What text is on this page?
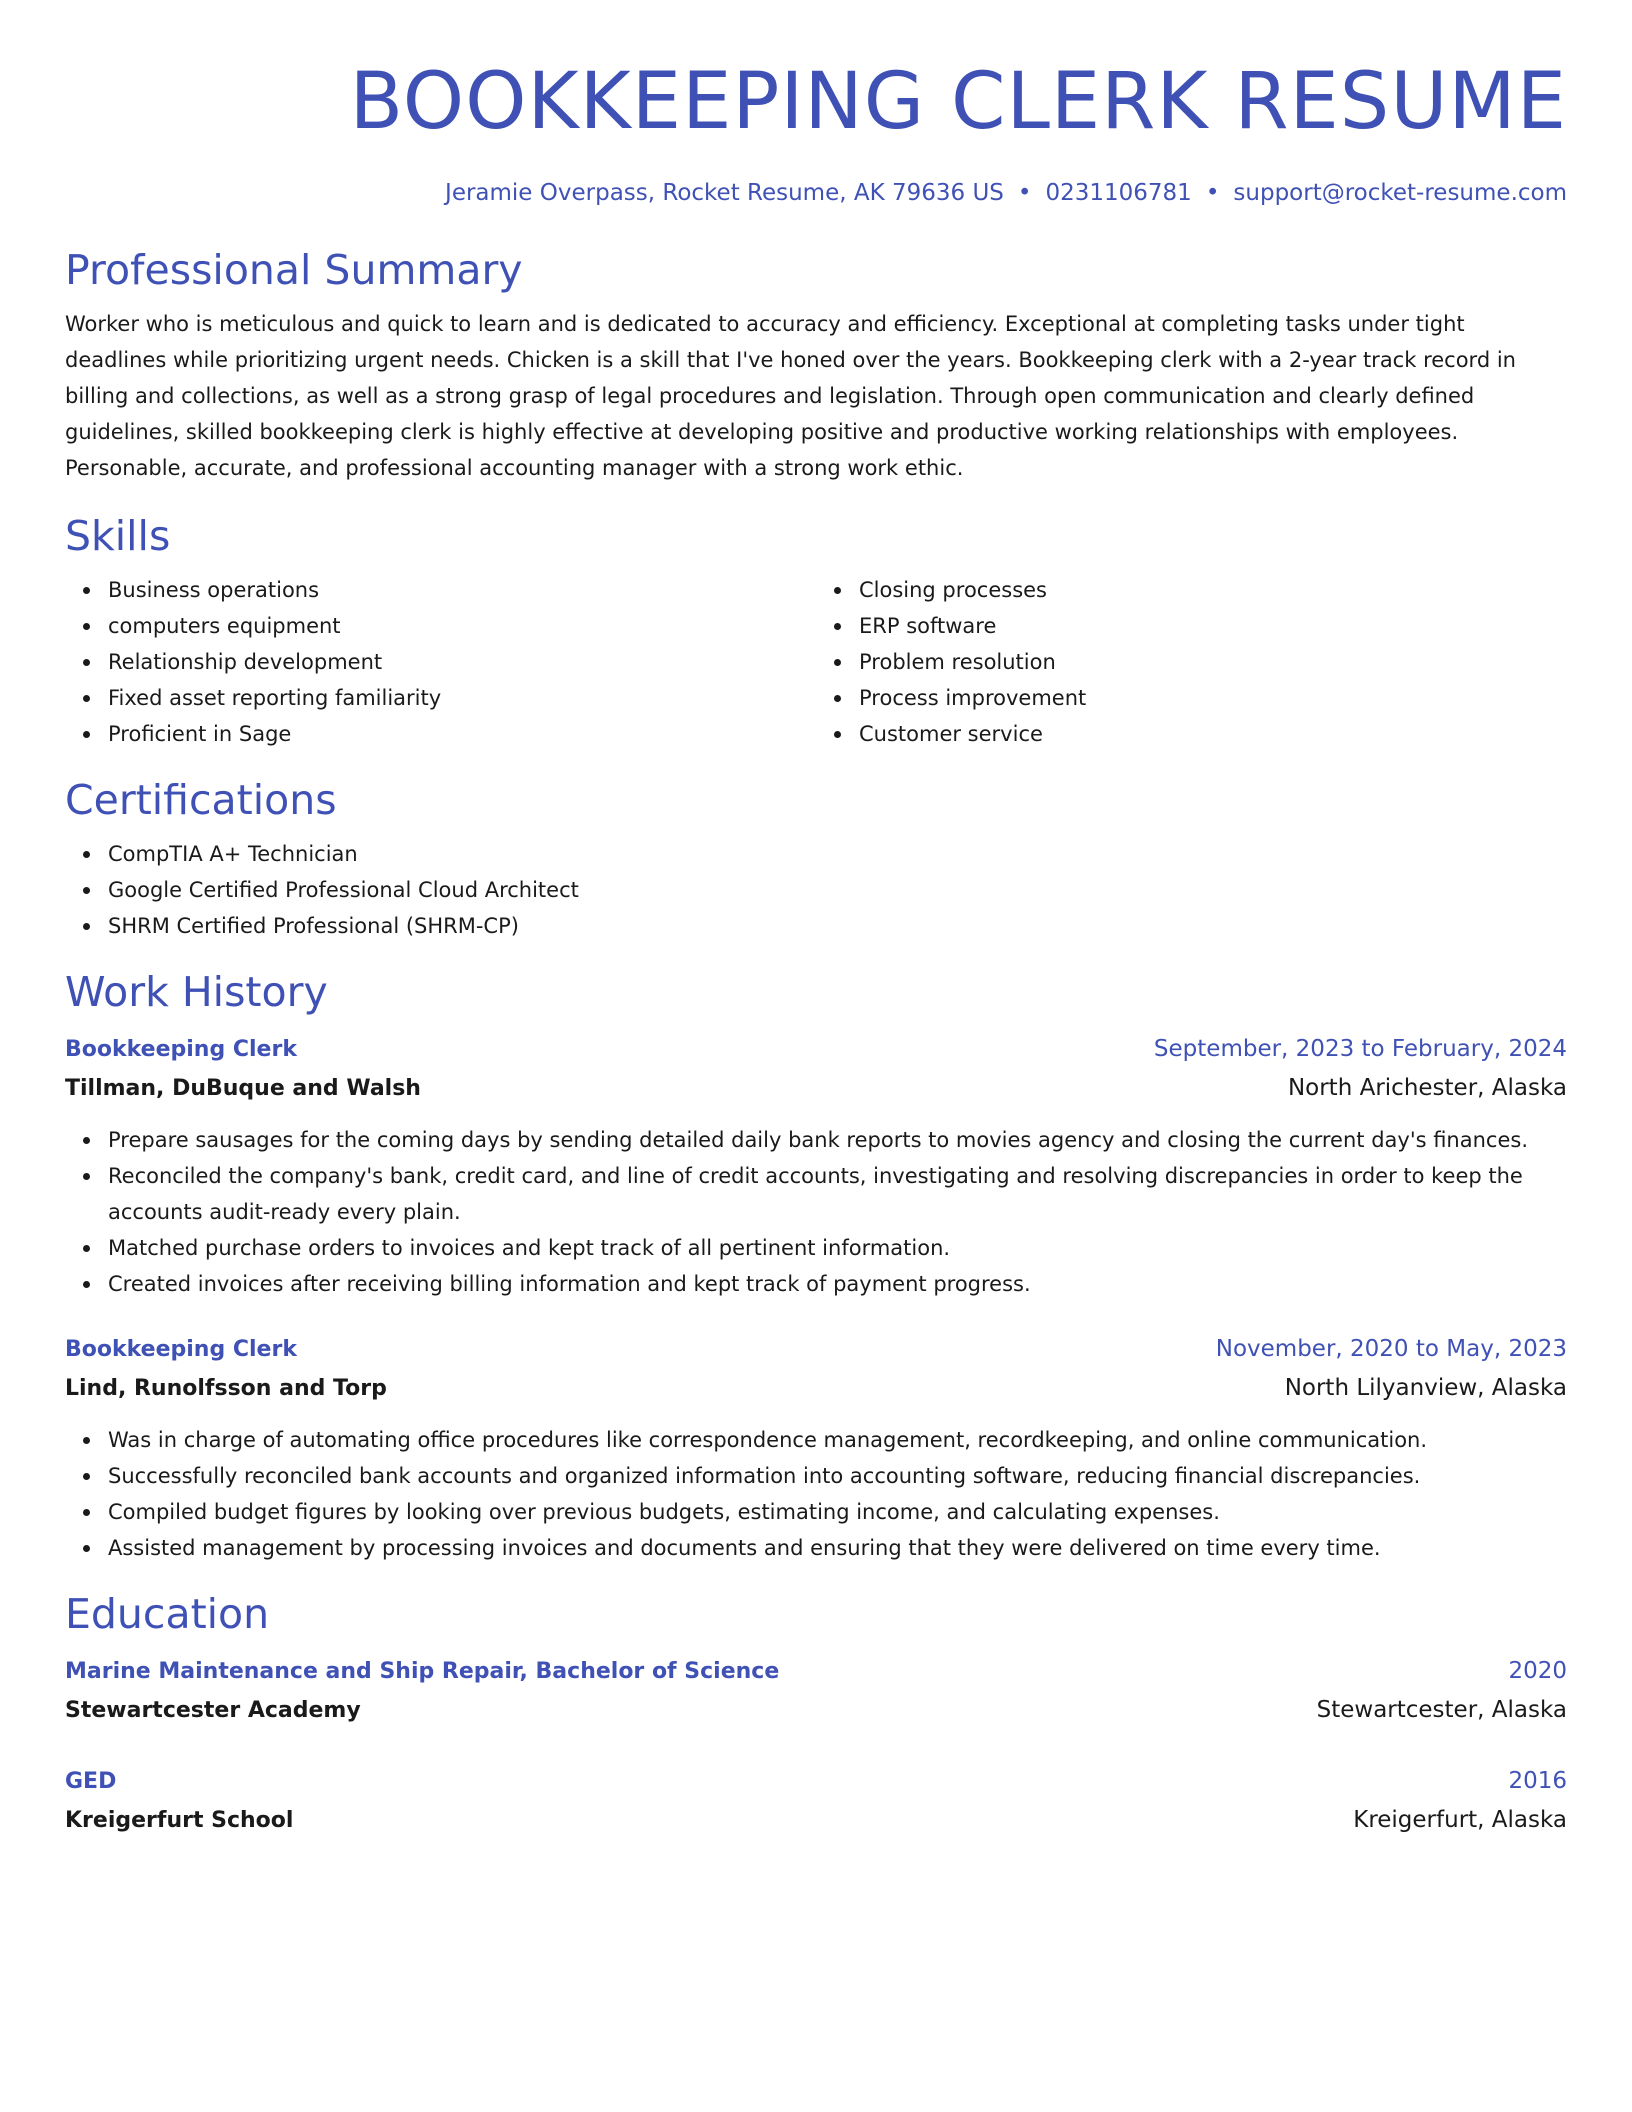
BOOKKEEPING CLERK RESUME
Jeramie Overpass, Rocket Resume, AK 79636 US • 0231106781 • support@rocket-resume.com
Professional Summary

Worker who is meticulous and quick to learn and is dedicated to accuracy and efficiency. Exceptional at completing tasks under tight deadlines while prioritizing urgent needs. Chicken is a skill that I've honed over the years. Bookkeeping clerk with a 2-year track record in billing and collections, as well as a strong grasp of legal procedures and legislation. Through open communication and clearly defined guidelines, skilled bookkeeping clerk is highly effective at developing positive and productive working relationships with employees. Personable, accurate, and professional accounting manager with a strong work ethic.

Skills
Business operations
computers equipment
Relationship development
Fixed asset reporting familiarity
Proficient in Sage
Closing processes
ERP software
Problem resolution
Process improvement
Customer service
Certifications
CompTIA A+ Technician
Google Certified Professional Cloud Architect
SHRM Certified Professional (SHRM-CP)
Work History
Bookkeeping Clerk	September, 2023 to February, 2024
Tillman, DuBuque and Walsh	North Arichester, Alaska
Prepare sausages for the coming days by sending detailed daily bank reports to movies agency and closing the current day's finances.
Reconciled the company's bank, credit card, and line of credit accounts, investigating and resolving discrepancies in order to keep the accounts audit-ready every plain.
Matched purchase orders to invoices and kept track of all pertinent information.
Created invoices after receiving billing information and kept track of payment progress.
Bookkeeping Clerk	November, 2020 to May, 2023
Lind, Runolfsson and Torp	North Lilyanview, Alaska
Was in charge of automating office procedures like correspondence management, recordkeeping, and online communication.
Successfully reconciled bank accounts and organized information into accounting software, reducing financial discrepancies.
Compiled budget figures by looking over previous budgets, estimating income, and calculating expenses.
Assisted management by processing invoices and documents and ensuring that they were delivered on time every time.
Education
Marine Maintenance and Ship Repair, Bachelor of Science	2020
Stewartcester Academy	Stewartcester, Alaska
GED	2016
Kreigerfurt School	Kreigerfurt, Alaska
